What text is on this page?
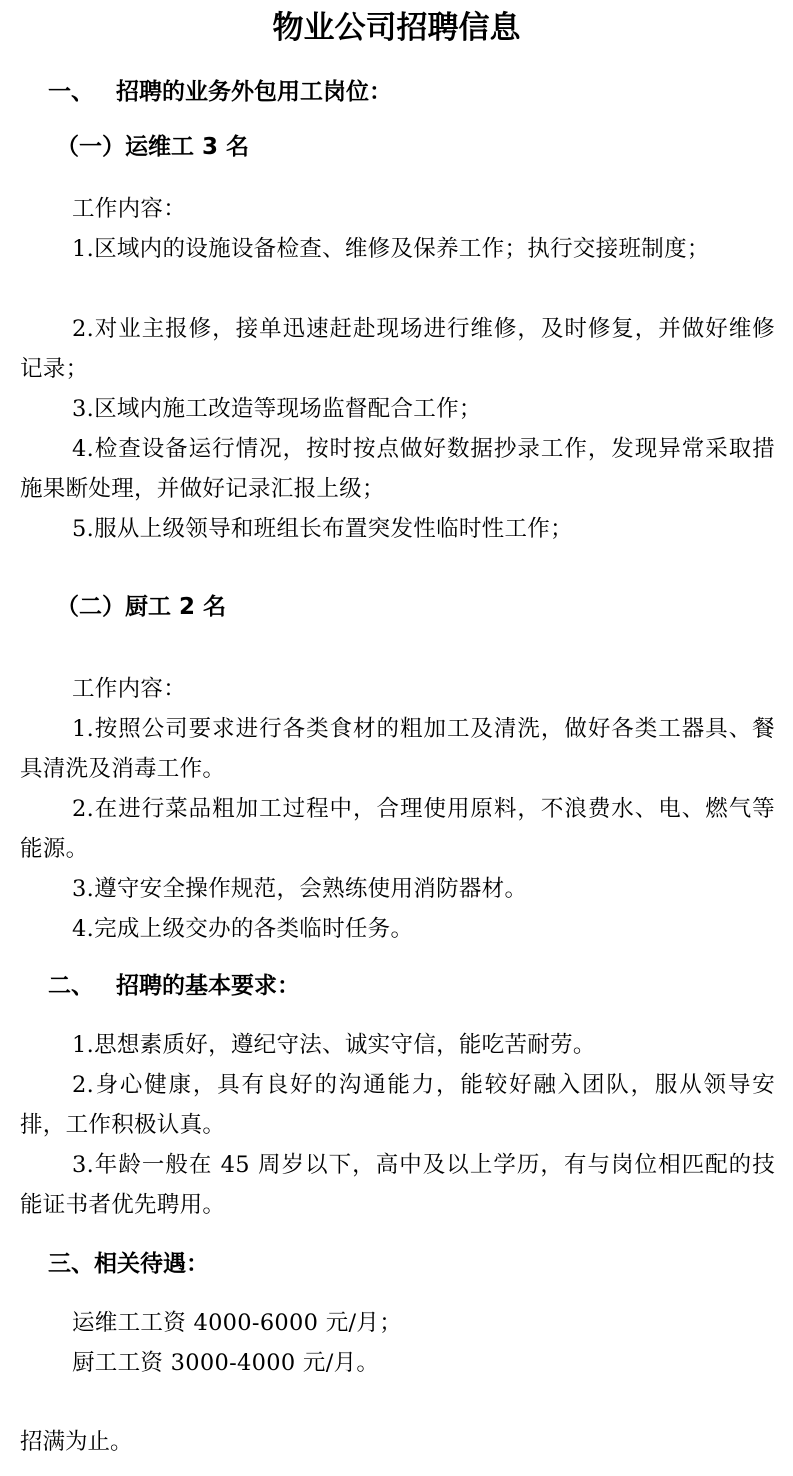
物业公司招聘信息
一、 招聘的业务外包用工岗位：
（一）运维工 3 名
工作内容：
1.区域内的设施设备检查、维修及保养工作；执行交接班制度；
2.对业主报修，接单迅速赶赴现场进行维修，及时修复，并做好维修记录；
3.区域内施工改造等现场监督配合工作；
4.检查设备运行情况，按时按点做好数据抄录工作，发现异常采取措施果断处理，并做好记录汇报上级；
5.服从上级领导和班组长布置突发性临时性工作；
（二）厨工 2 名
工作内容：
1.按照公司要求进行各类食材的粗加工及清洗，做好各类工器具、餐具清洗及消毒工作。
2.在进行菜品粗加工过程中，合理使用原料，不浪费水、电、燃气等能源。
3.遵守安全操作规范，会熟练使用消防器材。
4.完成上级交办的各类临时任务。
二、 招聘的基本要求：
1.思想素质好，遵纪守法、诚实守信，能吃苦耐劳。
2.身心健康，具有良好的沟通能力，能较好融入团队，服从领导安排，工作积极认真。
3.年龄一般在 45 周岁以下，高中及以上学历，有与岗位相匹配的技能证书者优先聘用。
三、相关待遇：
运维工工资 4000-6000 元/月；
厨工工资 3000-4000 元/月。
招满为止。
